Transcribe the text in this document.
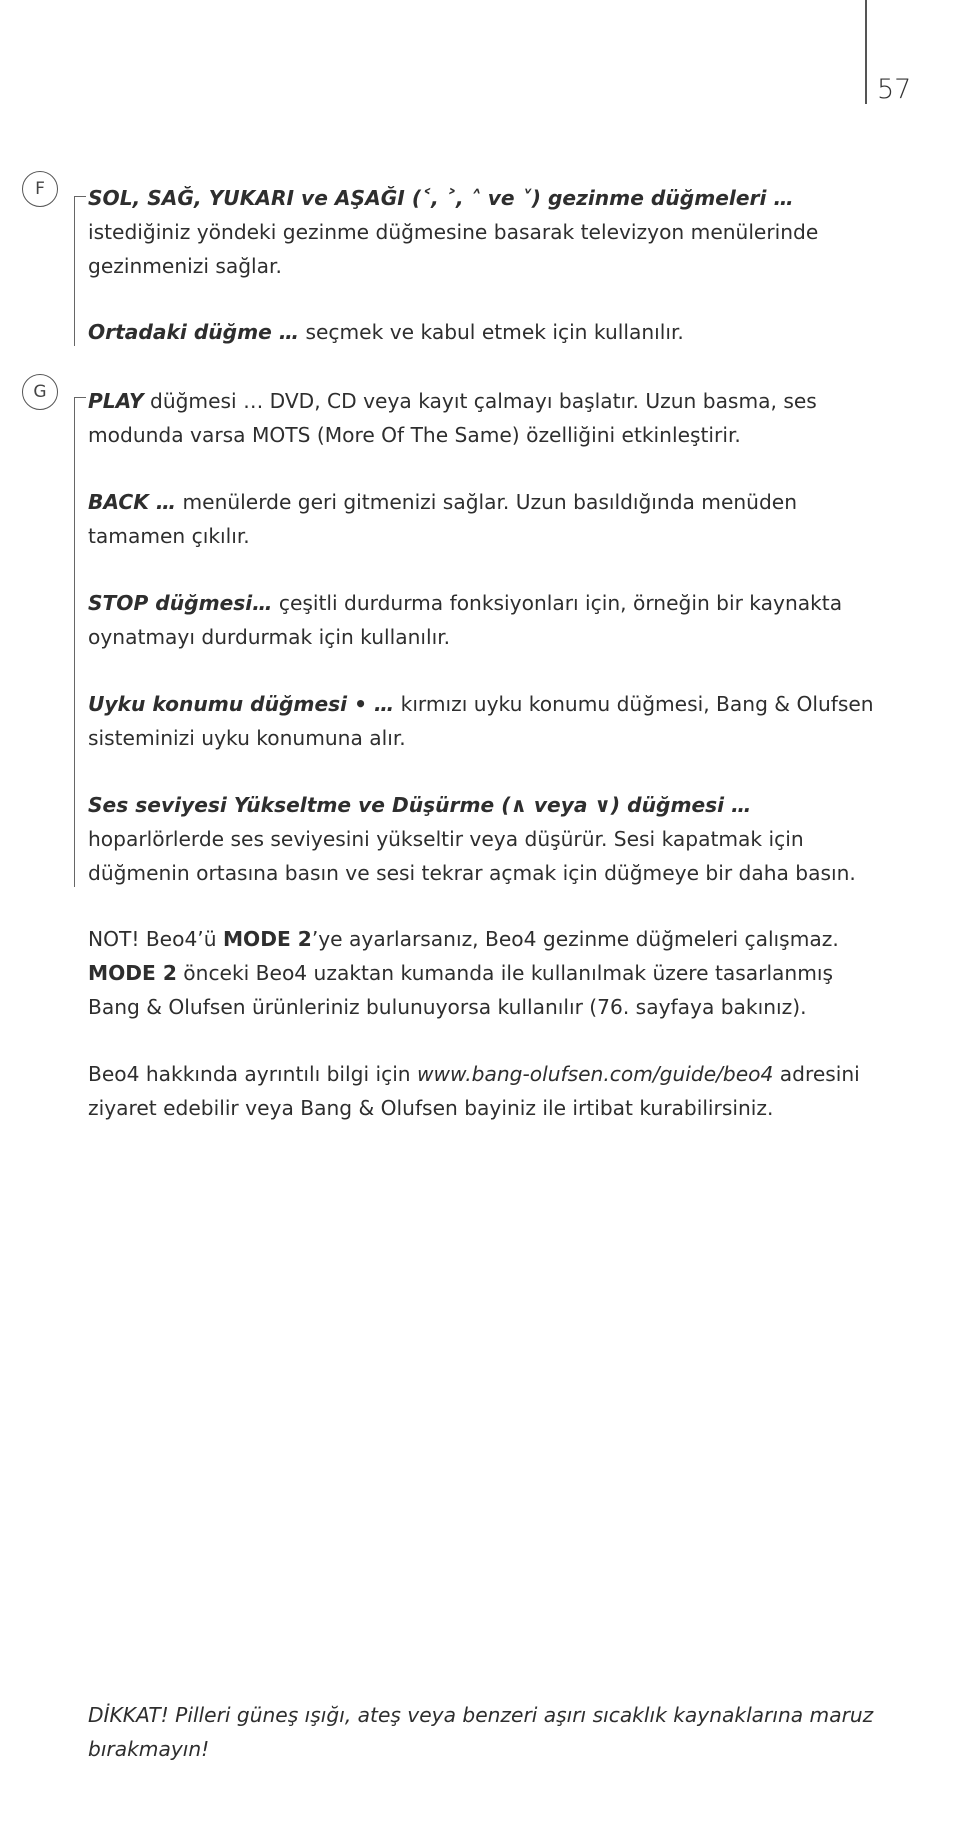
57
F	SOL, SAĞ, YUKARI ve AŞAĞI (˂, ˃, ˄ ve ˅) gezinme düğmeleri … istediğiniz yöndeki gezinme düğmesine basarak televizyon menülerinde gezinmenizi sağlar.
Ortadaki düğme … seçmek ve kabul etmek için kullanılır.
G	PLAY düğmesi … DVD, CD veya kayıt çalmayı başlatır. Uzun basma, ses modunda varsa MOTS (More Of The Same) özelliğini etkinleştirir.
BACK … menülerde geri gitmenizi sağlar. Uzun basıldığında menüden tamamen çıkılır.
STOP düğmesi… çeşitli durdurma fonksiyonları için, örneğin bir kaynakta oynatmayı durdurmak için kullanılır.
Uyku konumu düğmesi • … kırmızı uyku konumu düğmesi, Bang & Olufsen sisteminizi uyku konumuna alır.
Ses seviyesi Yükseltme ve Düşürme (∧ veya ∨) düğmesi … hoparlörlerde ses seviyesini yükseltir veya düşürür. Sesi kapatmak için düğmenin ortasına basın ve sesi tekrar açmak için düğmeye bir daha basın.
NOT! Beo4’ü MODE 2’ye ayarlarsanız, Beo4 gezinme düğmeleri çalışmaz. MODE 2 önceki Beo4 uzaktan kumanda ile kullanılmak üzere tasarlanmış Bang & Olufsen ürünleriniz bulunuyorsa kullanılır (76. sayfaya bakınız).
Beo4 hakkında ayrıntılı bilgi için www.bang-olufsen.com/guide/beo4 adresini ziyaret edebilir veya Bang & Olufsen bayiniz ile irtibat kurabilirsiniz.
DİKKAT! Pilleri güneş ışığı, ateş veya benzeri aşırı sıcaklık kaynaklarına maruz bırakmayın!
